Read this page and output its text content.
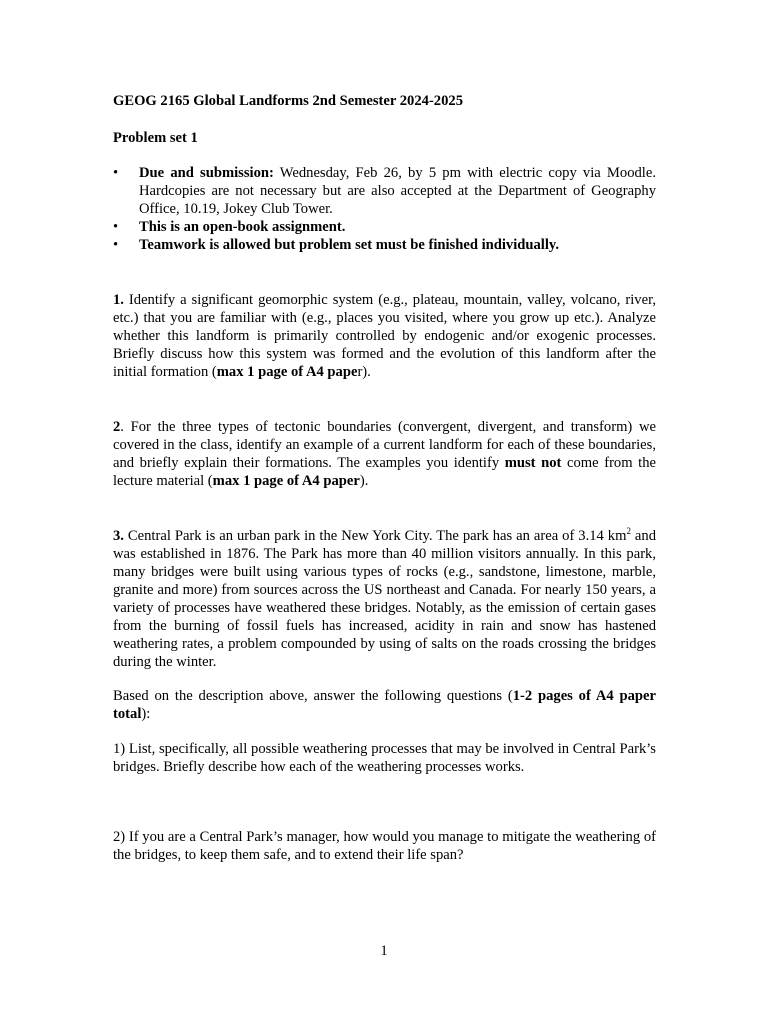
GEOG 2165 Global Landforms 2nd Semester 2024-2025
Problem set 1
• Due and submission: Wednesday, Feb 26, by 5 pm with electric copy via Moodle. Hardcopies are not necessary but are also accepted at the Department of Geography Office, 10.19, Jokey Club Tower.
• This is an open-book assignment.
• Teamwork is allowed but problem set must be finished individually.

1. Identify a significant geomorphic system (e.g., plateau, mountain, valley, volcano, river, etc.) that you are familiar with (e.g., places you visited, where you grow up etc.). Analyze whether this landform is primarily controlled by endogenic and/or exogenic processes. Briefly discuss how this system was formed and the evolution of this landform after the initial formation (max 1 page of A4 paper).

2. For the three types of tectonic boundaries (convergent, divergent, and transform) we covered in the class, identify an example of a current landform for each of these boundaries, and briefly explain their formations. The examples you identify must not come from the lecture material (max 1 page of A4 paper).

3. Central Park is an urban park in the New York City. The park has an area of 3.14 $km^2$ and was established in 1876. The Park has more than 40 million visitors annually. In this park, many bridges were built using various types of rocks (e.g., sandstone, limestone, marble, granite and more) from sources across the US northeast and Canada. For nearly 150 years, a variety of processes have weathered these bridges. Notably, as the emission of certain gases from the burning of fossil fuels has increased, acidity in rain and snow has hastened weathering rates, a problem compounded by using of salts on the roads crossing the bridges during the winter.

Based on the description above, answer the following questions (1-2 pages of A4 paper total):

1) List, specifically, all possible weathering processes that may be involved in Central Park’s bridges. Briefly describe how each of the weathering processes works.

2) If you are a Central Park’s manager, how would you manage to mitigate the weathering of the bridges, to keep them safe, and to extend their life span?

1
